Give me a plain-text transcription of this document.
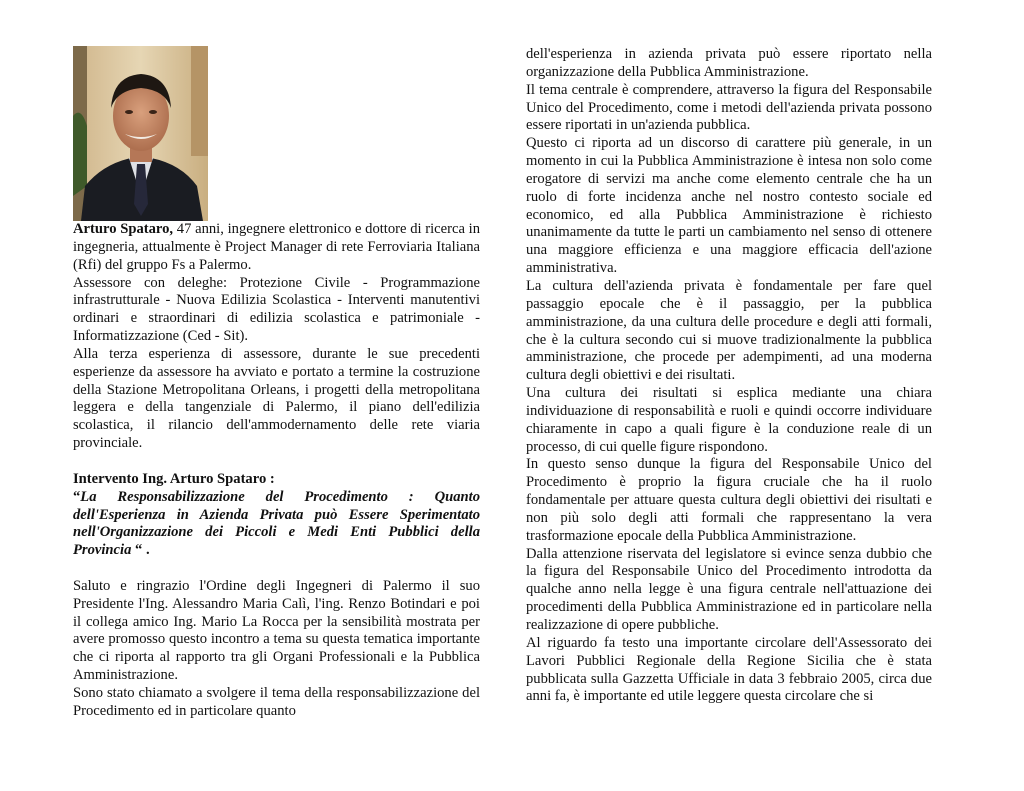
Arturo Spataro, 47 anni, ingegnere elettronico e dottore di ricerca in ingegneria, attualmente è Project Manager di rete Ferroviaria Italiana (Rfi) del gruppo Fs a Palermo.

Assessore con deleghe: Protezione Civile - Programmazione infrastrutturale - Nuova Edilizia Scolastica - Interventi manutentivi ordinari e straordinari di edilizia scolastica e patrimoniale -Informatizzazione (Ced - Sit).

Alla terza esperienza di assessore, durante le sue precedenti esperienze da assessore ha avviato e portato a termine la costruzione della Stazione Metropolitana Orleans, i progetti della metropolitana leggera e della tangenziale di Palermo, il piano dell'edilizia scolastica, il rilancio dell'ammodernamento delle rete viaria provinciale.

Intervento Ing. Arturo Spataro :

“La Responsabilizzazione del Procedimento : Quanto dell'Esperienza in Azienda Privata può Essere Sperimentato nell'Organizzazione dei Piccoli e Medi Enti Pubblici della Provincia “ .

Saluto e ringrazio l'Ordine degli Ingegneri di Palermo il suo Presidente l'Ing. Alessandro Maria Calì, l'ing. Renzo Botindari e poi il collega amico Ing. Mario La Rocca per la sensibilità mostrata per avere promosso questo incontro a tema su questa tematica importante che ci riporta al rapporto tra gli Organi Professionali e la Pubblica Amministrazione.

Sono stato chiamato a svolgere il tema della responsabilizzazione del Procedimento ed in particolare quanto

dell'esperienza in azienda privata può essere riportato nella organizzazione della Pubblica Amministrazione.

Il tema centrale è comprendere, attraverso la figura del Responsabile Unico del Procedimento, come i metodi dell'azienda privata possono essere riportati in un'azienda pubblica.

Questo ci riporta ad un discorso di carattere più generale, in un momento in cui la Pubblica Amministrazione è intesa non solo come erogatore di servizi ma anche come elemento centrale che ha un ruolo di forte incidenza anche nel nostro contesto sociale ed economico, ed alla Pubblica Amministrazione è richiesto unanimamente da tutte le parti un cambiamento nel senso di ottenere una maggiore efficienza e una maggiore efficacia dell'azione amministrativa.

La cultura dell'azienda privata è fondamentale per fare quel passaggio epocale che è il passaggio, per la pubblica amministrazione, da una cultura delle procedure e degli atti formali, che è la cultura secondo cui si muove tradizionalmente la pubblica amministrazione, che procede per adempimenti, ad una moderna cultura degli obiettivi e dei risultati.

Una cultura dei risultati si esplica mediante una chiara individuazione di responsabilità e ruoli e quindi occorre individuare chiaramente in capo a quali figure è la conduzione reale di un processo, di cui quelle figure rispondono.

In questo senso dunque la figura del Responsabile Unico del Procedimento è proprio la figura cruciale che ha il ruolo fondamentale per attuare questa cultura degli obiettivi dei risultati e non più solo degli atti formali che rappresentano la vera trasformazione epocale della Pubblica Amministrazione.

Dalla attenzione riservata del legislatore si evince senza dubbio che la figura del Responsabile Unico del Procedimento introdotta da qualche anno nella legge è una figura centrale nell'attuazione dei procedimenti della Pubblica Amministrazione ed in particolare nella realizzazione di opere pubbliche.

Al riguardo fa testo una importante circolare dell'Assessorato dei Lavori Pubblici Regionale della Regione Sicilia che è stata pubblicata sulla Gazzetta Ufficiale in data 3 febbraio 2005, circa due anni fa, è importante ed utile leggere questa circolare che si
